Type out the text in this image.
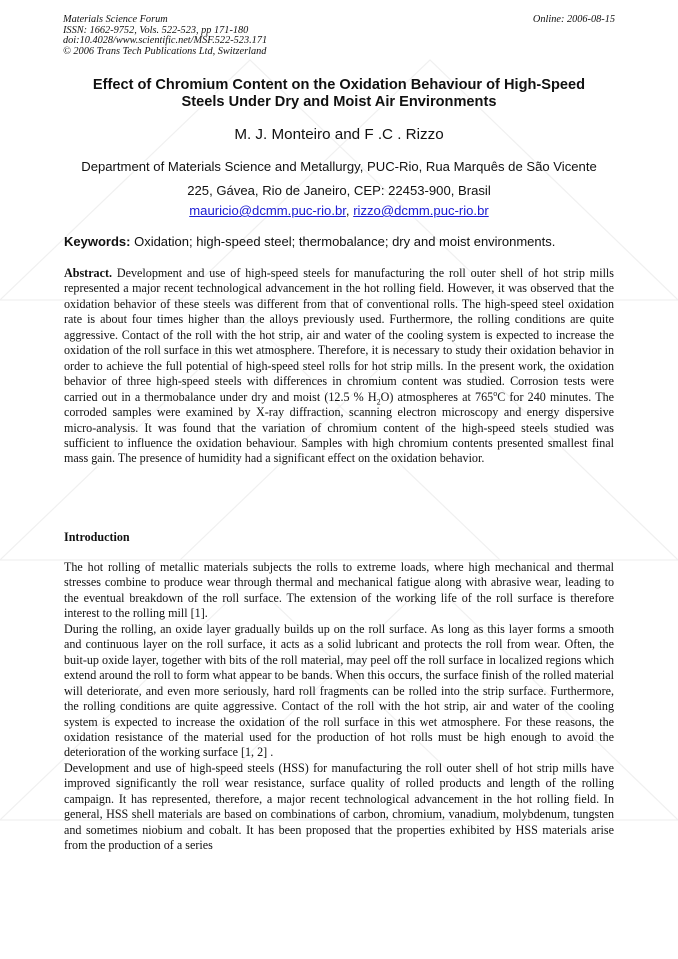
Materials Science Forum
ISSN: 1662-9752, Vols. 522-523, pp 171-180
doi:10.4028/www.scientific.net/MSF.522-523.171
© 2006 Trans Tech Publications Ltd, Switzerland
Online: 2006-08-15
Effect of Chromium Content on the Oxidation Behaviour of High-Speed
Steels Under Dry and Moist Air Environments
M. J. Monteiro and F .C . Rizzo
Department of Materials Science and Metallurgy, PUC-Rio, Rua Marquês de São Vicente
225, Gávea, Rio de Janeiro, CEP: 22453-900, Brasil
mauricio@dcmm.puc-rio.br, rizzo@dcmm.puc-rio.br
Keywords: Oxidation; high-speed steel; thermobalance; dry and moist environments.
Abstract. Development and use of high-speed steels for manufacturing the roll outer shell of hot strip mills represented a major recent technological advancement in the hot rolling field. However, it was observed that the oxidation behavior of these steels was different from that of conventional rolls. The high-speed steel oxidation rate is about four times higher than the alloys previously used. Furthermore, the rolling conditions are quite aggressive. Contact of the roll with the hot strip, air and water of the cooling system is expected to increase the oxidation of the roll surface in this wet atmosphere. Therefore, it is necessary to study their oxidation behavior in order to achieve the full potential of high-speed steel rolls for hot strip mills. In the present work, the oxidation behavior of three high-speed steels with differences in chromium content was studied. Corrosion tests were carried out in a thermobalance under dry and moist (12.5 % $H_2O$) atmospheres at 765$^o$C for 240 minutes. The corroded samples were examined by X-ray diffraction, scanning electron microscopy and energy dispersive micro-analysis. It was found that the variation of chromium content of the high-speed steels studied was sufficient to influence the oxidation behaviour. Samples with high chromium contents presented smallest final mass gain. The presence of humidity had a significant effect on the oxidation behavior.
Introduction

The hot rolling of metallic materials subjects the rolls to extreme loads, where high mechanical and thermal stresses combine to produce wear through thermal and mechanical fatigue along with abrasive wear, leading to the eventual breakdown of the roll surface. The extension of the working life of the roll surface is therefore interest to the rolling mill [1].

During the rolling, an oxide layer gradually builds up on the roll surface. As long as this layer forms a smooth and continuous layer on the roll surface, it acts as a solid lubricant and protects the roll from wear. Often, the buit-up oxide layer, together with bits of the roll material, may peel off the roll surface in localized regions which extend around the roll to form what appear to be bands. When this occurs, the surface finish of the rolled material will deteriorate, and even more seriously, hard roll fragments can be rolled into the strip surface. Furthermore, the rolling conditions are quite aggressive. Contact of the roll with the hot strip, air and water of the cooling system is expected to increase the oxidation of the roll surface in this wet atmosphere. For these reasons, the oxidation resistance of the material used for the production of hot rolls must be high enough to avoid the deterioration of the working surface [1, 2] .

Development and use of high-speed steels (HSS) for manufacturing the roll outer shell of hot strip mills have improved significantly the roll wear resistance, surface quality of rolled products and length of the rolling campaign. It has represented, therefore, a major recent technological advancement in the hot rolling field. In general, HSS shell materials are based on combinations of carbon, chromium, vanadium, molybdenum, tungsten and sometimes niobium and cobalt. It has been proposed that the properties exhibited by HSS materials arise from the production of a series
